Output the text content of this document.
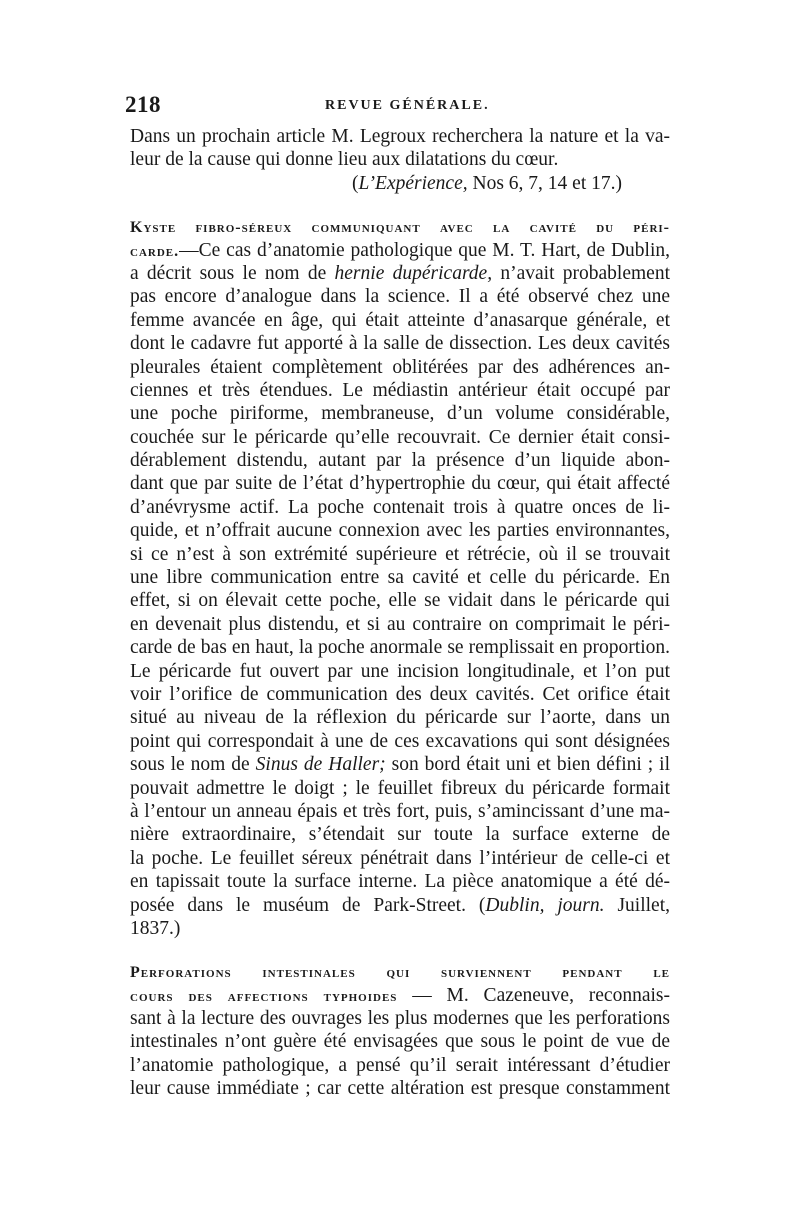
218	REVUE GÉNÉRALE.
Dans un prochain article M. Legroux recherchera la nature et la va-
leur de la cause qui donne lieu aux dilatations du cœur.
(L’Expérience, Nos 6, 7, 14 et 17.)
Kyste fibro-séreux communiquant avec la cavité du péri-
carde.—Ce cas d’anatomie pathologique que M. T. Hart, de Dublin,
a décrit sous le nom de hernie dupéricarde, n’avait probablement
pas encore d’analogue dans la science. Il a été observé chez une
femme avancée en âge, qui était atteinte d’anasarque générale, et
dont le cadavre fut apporté à la salle de dissection. Les deux cavités
pleurales étaient complètement oblitérées par des adhérences an-
ciennes et très étendues. Le médiastin antérieur était occupé par
une poche piriforme, membraneuse, d’un volume considérable,
couchée sur le péricarde qu’elle recouvrait. Ce dernier était consi-
dérablement distendu, autant par la présence d’un liquide abon-
dant que par suite de l’état d’hypertrophie du cœur, qui était affecté
d’anévrysme actif. La poche contenait trois à quatre onces de li-
quide, et n’offrait aucune connexion avec les parties environnantes,
si ce n’est à son extrémité supérieure et rétrécie, où il se trouvait
une libre communication entre sa cavité et celle du péricarde. En
effet, si on élevait cette poche, elle se vidait dans le péricarde qui
en devenait plus distendu, et si au contraire on comprimait le péri-
carde de bas en haut, la poche anormale se remplissait en proportion.
Le péricarde fut ouvert par une incision longitudinale, et l’on put
voir l’orifice de communication des deux cavités. Cet orifice était
situé au niveau de la réflexion du péricarde sur l’aorte, dans un
point qui correspondait à une de ces excavations qui sont désignées
sous le nom de Sinus de Haller; son bord était uni et bien défini ; il
pouvait admettre le doigt ; le feuillet fibreux du péricarde formait
à l’entour un anneau épais et très fort, puis, s’amincissant d’une ma-
nière extraordinaire, s’étendait sur toute la surface externe de
la poche. Le feuillet séreux pénétrait dans l’intérieur de celle-ci et
en tapissait toute la surface interne. La pièce anatomique a été dé-
posée dans le muséum de Park-Street. (Dublin, journ. Juillet,
1837.)
Perforations intestinales qui surviennent pendant le
cours des affections typhoides — M. Cazeneuve, reconnais-
sant à la lecture des ouvrages les plus modernes que les perforations
intestinales n’ont guère été envisagées que sous le point de vue de
l’anatomie pathologique, a pensé qu’il serait intéressant d’étudier
leur cause immédiate ; car cette altération est presque constamment
